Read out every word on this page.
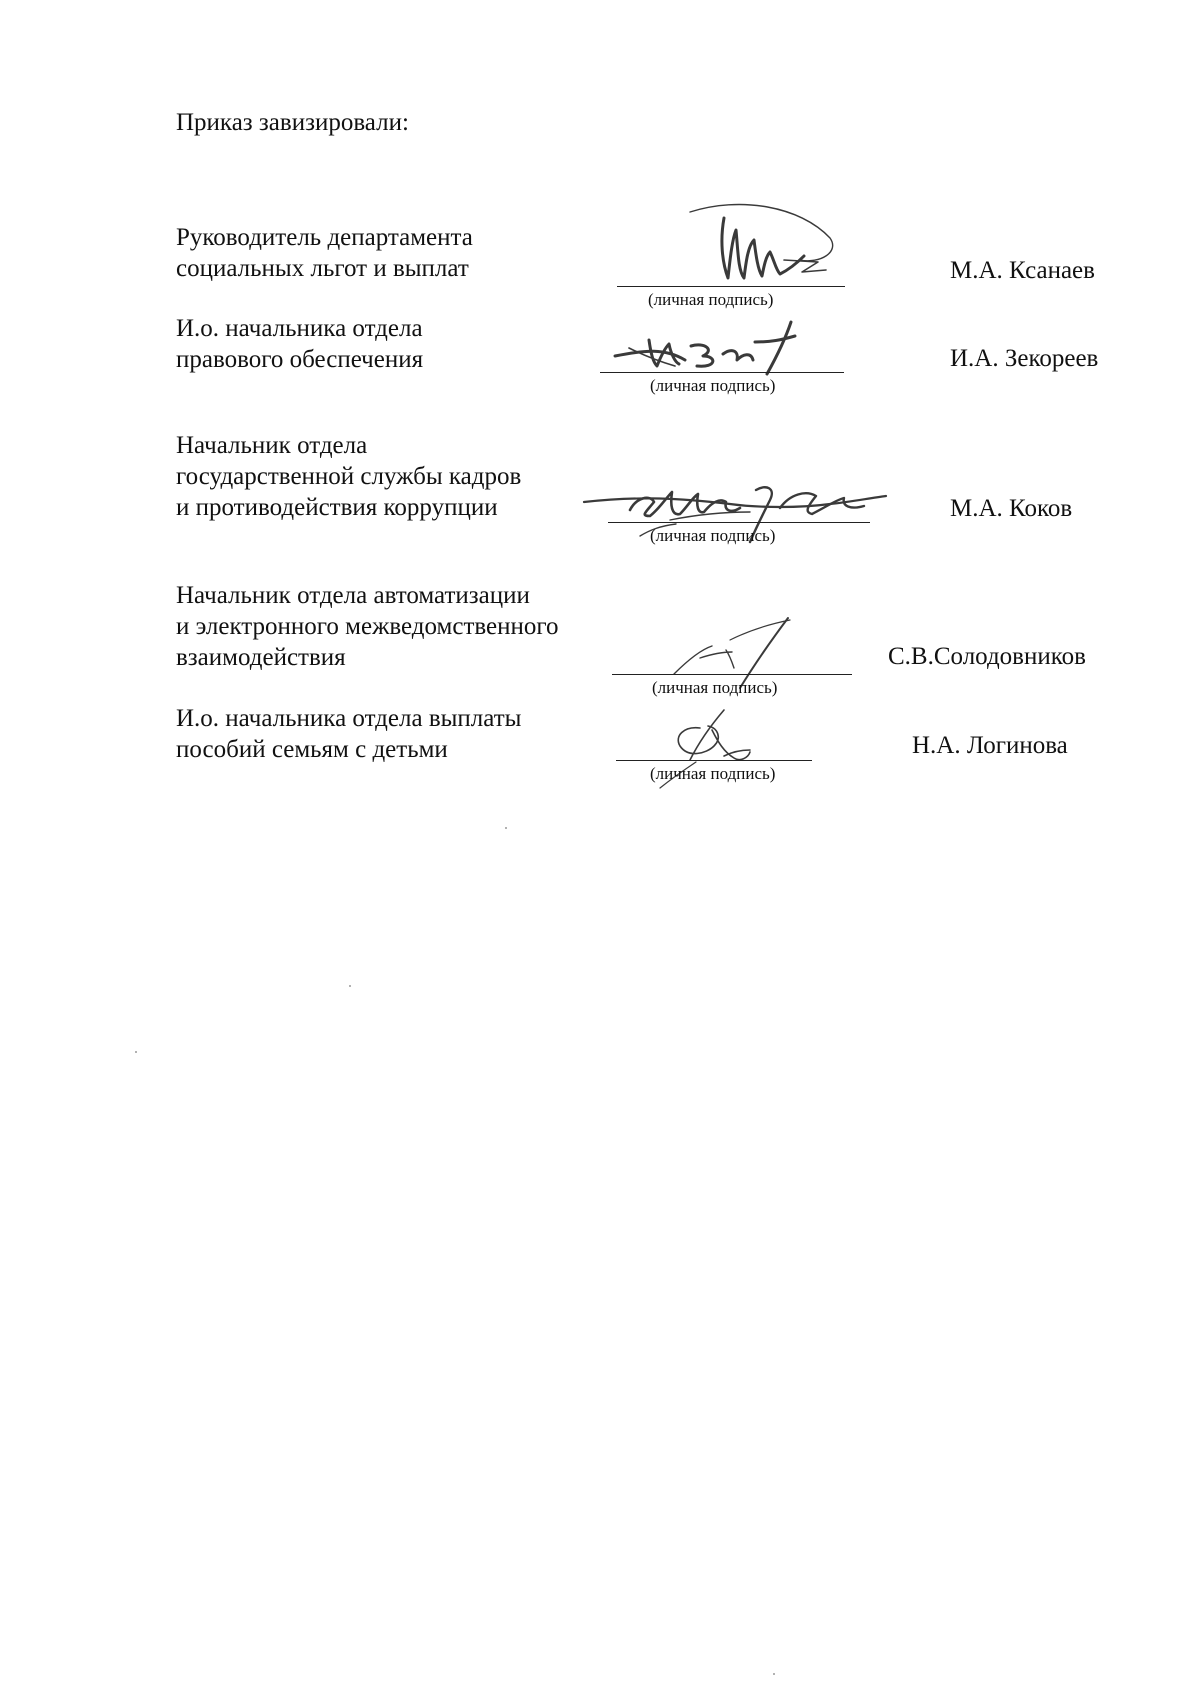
Приказ завизировали:
Руководитель департамента
социальных льгот и выплат
(личная подпись)
М.А. Ксанаев
И.о. начальника отдела
правового обеспечения
(личная подпись)
И.А. Зекореев
Начальник отдела
государственной службы кадров
и противодействия коррупции
(личная подпись)
М.А. Коков
Начальник отдела автоматизации
и электронного межведомственного
взаимодействия
(личная подпись)
С.В.Солодовников
И.о. начальника отдела выплаты
пособий семьям с детьми
(личная подпись)
Н.А. Логинова
